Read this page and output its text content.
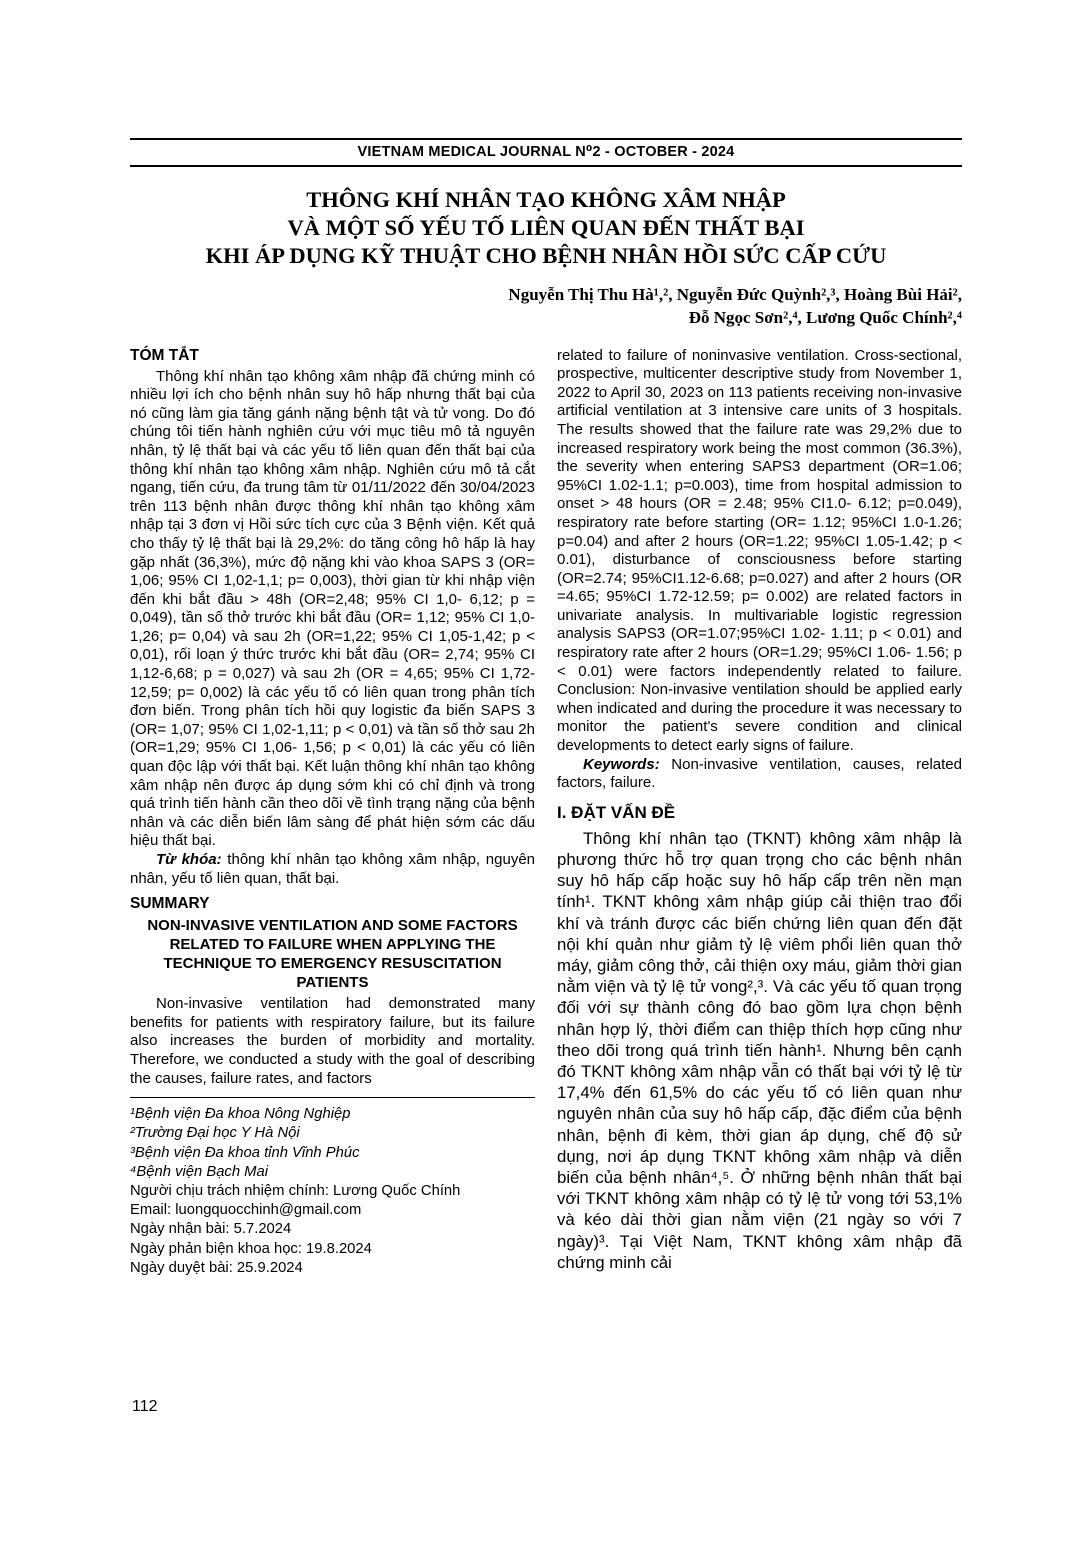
VIETNAM MEDICAL JOURNAL N⁰2 - OCTOBER - 2024
THÔNG KHÍ NHÂN TẠO KHÔNG XÂM NHẬP
VÀ MỘT SỐ YẾU TỐ LIÊN QUAN ĐẾN THẤT BẠI
KHI ÁP DỤNG KỸ THUẬT CHO BỆNH NHÂN HỒI SỨC CẤP CỨU
Nguyễn Thị Thu Hà¹,², Nguyễn Đức Quỳnh²,³, Hoàng Bùi Hải²,
Đỗ Ngọc Sơn²,⁴, Lương Quốc Chính²,⁴
TÓM TẮT

Thông khí nhân tạo không xâm nhập đã chứng minh có nhiều lợi ích cho bệnh nhân suy hô hấp nhưng thất bại của nó cũng làm gia tăng gánh nặng bệnh tật và tử vong. Do đó chúng tôi tiến hành nghiên cứu với mục tiêu mô tả nguyên nhân, tỷ lệ thất bại và các yếu tố liên quan đến thất bại của thông khí nhân tạo không xâm nhập. Nghiên cứu mô tả cắt ngang, tiến cứu, đa trung tâm từ 01/11/2022 đến 30/04/2023 trên 113 bệnh nhân được thông khí nhân tạo không xâm nhập tại 3 đơn vị Hồi sức tích cực của 3 Bệnh viện. Kết quả cho thấy tỷ lệ thất bại là 29,2%: do tăng công hô hấp là hay gặp nhất (36,3%), mức độ nặng khi vào khoa SAPS 3 (OR= 1,06; 95% CI 1,02-1,1; p= 0,003), thời gian từ khi nhập viện đến khi bắt đầu > 48h (OR=2,48; 95% CI 1,0- 6,12; p = 0,049), tần số thở trước khi bắt đầu (OR= 1,12; 95% CI 1,0-1,26; p= 0,04) và sau 2h (OR=1,22; 95% CI 1,05-1,42; p < 0,01), rối loạn ý thức trước khi bắt đầu (OR= 2,74; 95% CI 1,12-6,68; p = 0,027) và sau 2h (OR = 4,65; 95% CI 1,72- 12,59; p= 0,002) là các yếu tố có liên quan trong phân tích đơn biến. Trong phân tích hồi quy logistic đa biến SAPS 3 (OR= 1,07; 95% CI 1,02-1,11; p < 0,01) và tần số thở sau 2h (OR=1,29; 95% CI 1,06- 1,56; p < 0,01) là các yếu có liên quan độc lập với thất bại. Kết luận thông khí nhân tạo không xâm nhập nên được áp dụng sớm khi có chỉ định và trong quá trình tiến hành cần theo dõi về tình trạng nặng của bệnh nhân và các diễn biến lâm sàng để phát hiện sớm các dấu hiệu thất bại.

Từ khóa: thông khí nhân tạo không xâm nhập, nguyên nhân, yếu tố liên quan, thất bại.

SUMMARY
NON-INVASIVE VENTILATION AND SOME FACTORS RELATED TO FAILURE WHEN APPLYING THE TECHNIQUE TO EMERGENCY RESUSCITATION PATIENTS

Non-invasive ventilation had demonstrated many benefits for patients with respiratory failure, but its failure also increases the burden of morbidity and mortality. Therefore, we conducted a study with the goal of describing the causes, failure rates, and factors

¹Bệnh viện Đa khoa Nông Nghiệp
²Trường Đại học Y Hà Nội
³Bệnh viện Đa khoa tỉnh Vĩnh Phúc
⁴Bệnh viện Bạch Mai
Người chịu trách nhiệm chính: Lương Quốc Chính
Email: luongquocchinh@gmail.com
Ngày nhận bài: 5.7.2024
Ngày phản biện khoa học: 19.8.2024
Ngày duyệt bài: 25.9.2024

related to failure of noninvasive ventilation. Cross-sectional, prospective, multicenter descriptive study from November 1, 2022 to April 30, 2023 on 113 patients receiving non-invasive artificial ventilation at 3 intensive care units of 3 hospitals. The results showed that the failure rate was 29,2% due to increased respiratory work being the most common (36.3%), the severity when entering SAPS3 department (OR=1.06; 95%CI 1.02-1.1; p=0.003), time from hospital admission to onset > 48 hours (OR = 2.48; 95% CI1.0- 6.12; p=0.049), respiratory rate before starting (OR= 1.12; 95%CI 1.0-1.26; p=0.04) and after 2 hours (OR=1.22; 95%CI 1.05-1.42; p < 0.01), disturbance of consciousness before starting (OR=2.74; 95%CI1.12-6.68; p=0.027) and after 2 hours (OR =4.65; 95%CI 1.72-12.59; p= 0.002) are related factors in univariate analysis. In multivariable logistic regression analysis SAPS3 (OR=1.07;95%CI 1.02- 1.11; p < 0.01) and respiratory rate after 2 hours (OR=1.29; 95%CI 1.06- 1.56; p < 0.01) were factors independently related to failure. Conclusion: Non-invasive ventilation should be applied early when indicated and during the procedure it was necessary to monitor the patient's severe condition and clinical developments to detect early signs of failure.

Keywords: Non-invasive ventilation, causes, related factors, failure.

I. ĐẶT VẤN ĐỀ

Thông khí nhân tạo (TKNT) không xâm nhập là phương thức hỗ trợ quan trọng cho các bệnh nhân suy hô hấp cấp hoặc suy hô hấp cấp trên nền mạn tính¹. TKNT không xâm nhập giúp cải thiện trao đổi khí và tránh được các biến chứng liên quan đến đặt nội khí quản như giảm tỷ lệ viêm phổi liên quan thở máy, giảm công thở, cải thiện oxy máu, giảm thời gian nằm viện và tỷ lệ tử vong²,³. Và các yếu tố quan trọng đối với sự thành công đó bao gồm lựa chọn bệnh nhân hợp lý, thời điểm can thiệp thích hợp cũng như theo dõi trong quá trình tiến hành¹. Nhưng bên cạnh đó TKNT không xâm nhập vẫn có thất bại với tỷ lệ từ 17,4% đến 61,5% do các yếu tố có liên quan như nguyên nhân của suy hô hấp cấp, đặc điểm của bệnh nhân, bệnh đi kèm, thời gian áp dụng, chế độ sử dụng, nơi áp dụng TKNT không xâm nhập và diễn biến của bệnh nhân⁴,⁵. Ở những bệnh nhân thất bại với TKNT không xâm nhập có tỷ lệ tử vong tới 53,1% và kéo dài thời gian nằm viện (21 ngày so với 7 ngày)³. Tại Việt Nam, TKNT không xâm nhập đã chứng minh cải

112
